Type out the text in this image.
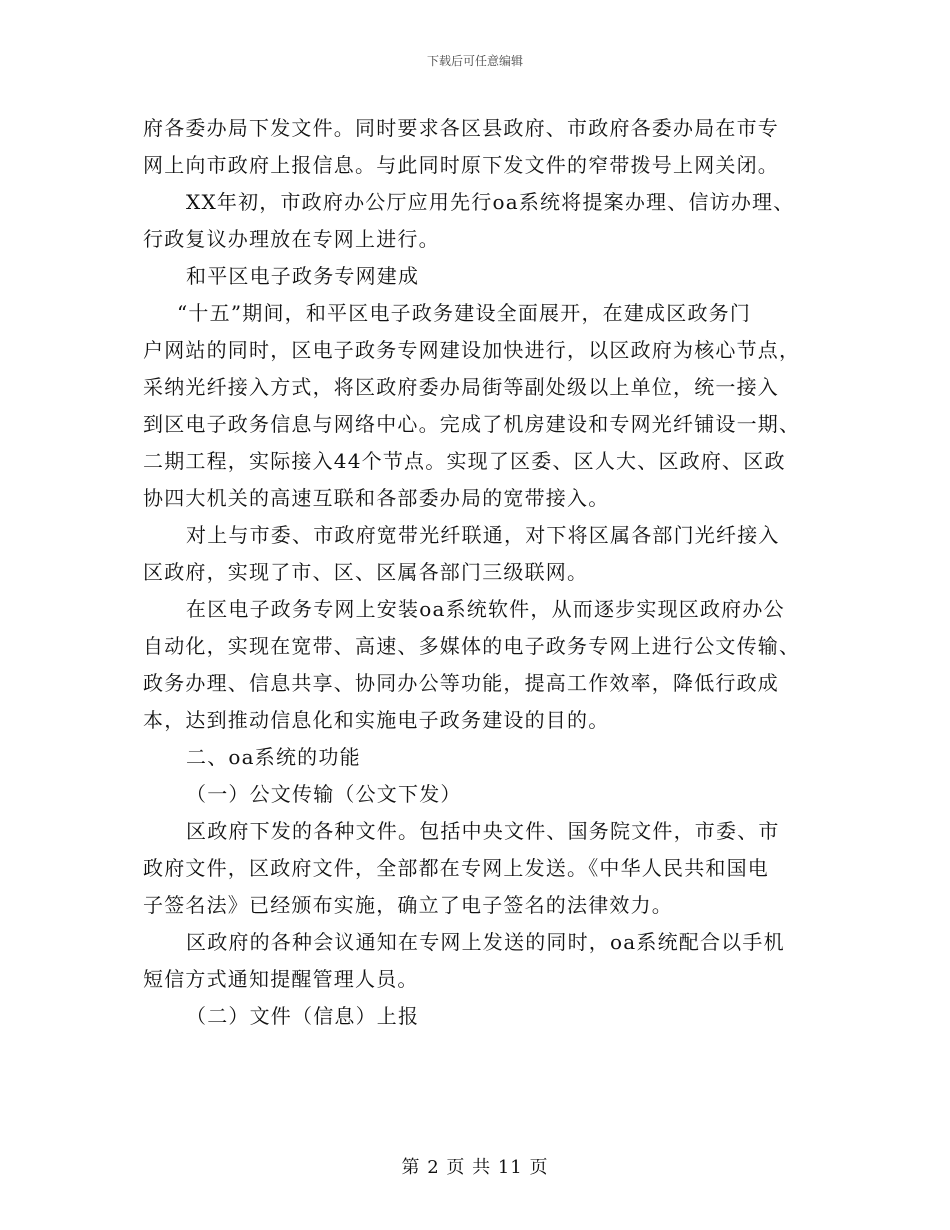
下载后可任意编辑
府各委办局下发文件。同时要求各区县政府、市政府各委办局在市专
网上向市政府上报信息。与此同时原下发文件的窄带拨号上网关闭。
XX年初，市政府办公厅应用先行oa系统将提案办理、信访办理、
行政复议办理放在专网上进行。
和平区电子政务专网建成
“十五”期间，和平区电子政务建设全面展开，在建成区政务门
户网站的同时，区电子政务专网建设加快进行，以区政府为核心节点，
采纳光纤接入方式，将区政府委办局街等副处级以上单位，统一接入
到区电子政务信息与网络中心。完成了机房建设和专网光纤铺设一期、
二期工程，实际接入44个节点。实现了区委、区人大、区政府、区政
协四大机关的高速互联和各部委办局的宽带接入。
对上与市委、市政府宽带光纤联通，对下将区属各部门光纤接入
区政府，实现了市、区、区属各部门三级联网。
在区电子政务专网上安装oa系统软件，从而逐步实现区政府办公
自动化，实现在宽带、高速、多媒体的电子政务专网上进行公文传输、
政务办理、信息共享、协同办公等功能，提高工作效率，降低行政成
本，达到推动信息化和实施电子政务建设的目的。
二、oa系统的功能
（一）公文传输（公文下发）
区政府下发的各种文件。包括中央文件、国务院文件，市委、市
政府文件，区政府文件，全部都在专网上发送。《中华人民共和国电
子签名法》已经颁布实施，确立了电子签名的法律效力。
区政府的各种会议通知在专网上发送的同时，oa系统配合以手机
短信方式通知提醒管理人员。
（二）文件（信息）上报
第 2 页 共 11 页
